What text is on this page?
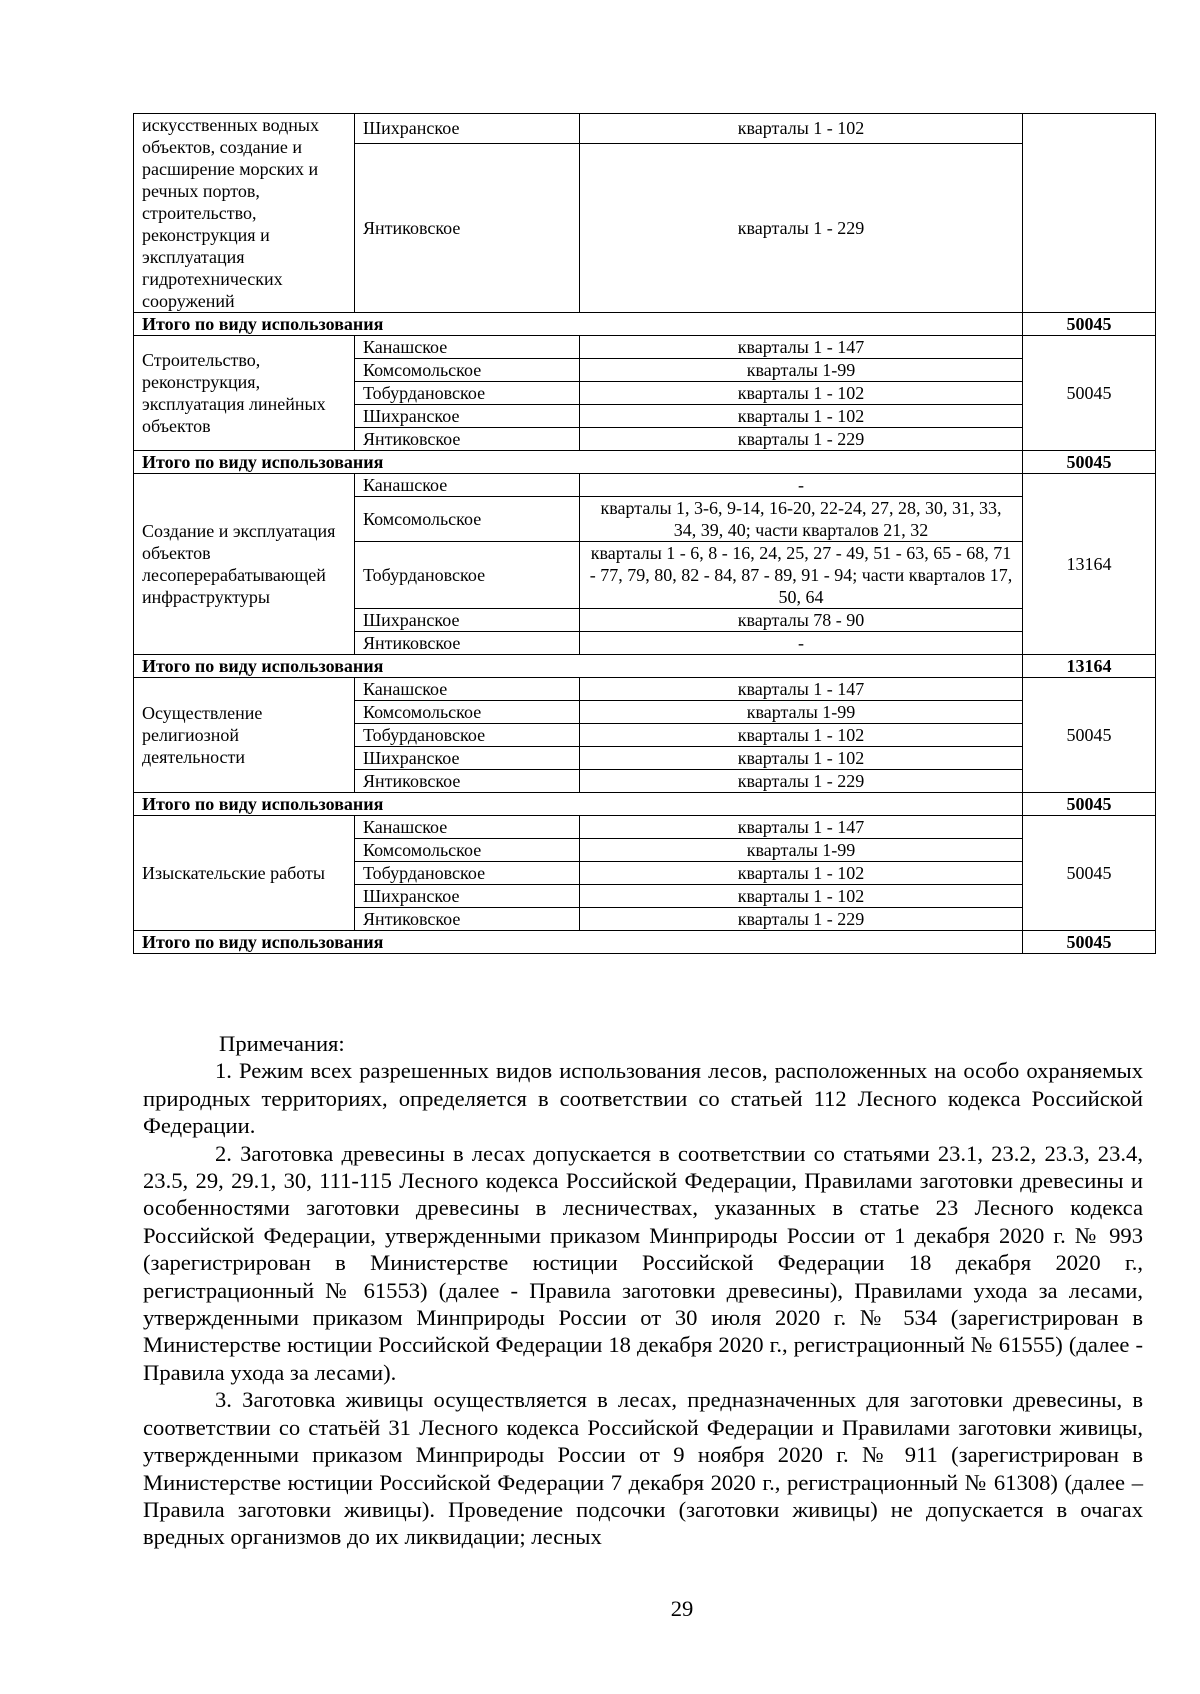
искусственных водных объектов, создание и расширение морских и речных портов, строительство, реконструкция и эксплуатация гидротехнических сооружений	Шихранское	кварталы 1 - 102	
	Янтиковское	кварталы 1 - 229	
Итого по виду использования			50045
Строительство, реконструкция, эксплуатация линейных объектов	Канашское	кварталы 1 - 147	50045
	Комсомольское	кварталы 1-99	
	Тобурдановское	кварталы 1 - 102	
	Шихранское	кварталы 1 - 102	
	Янтиковское	кварталы 1 - 229	
Итого по виду использования			50045
Создание и эксплуатация объектов лесоперерабатывающей инфраструктуры	Канашское	-	13164
	Комсомольское	кварталы 1, 3-6, 9-14, 16-20, 22-24, 27, 28, 30, 31, 33, 34, 39, 40; части кварталов 21, 32	
	Тобурдановское	кварталы 1 - 6, 8 - 16, 24, 25, 27 - 49, 51 - 63, 65 - 68, 71 - 77, 79, 80, 82 - 84, 87 - 89, 91 - 94; части кварталов 17, 50, 64	
	Шихранское	кварталы 78 - 90	
	Янтиковское	-	
Итого по виду использования			13164
Осуществление религиозной деятельности	Канашское	кварталы 1 - 147	50045
	Комсомольское	кварталы 1-99	
	Тобурдановское	кварталы 1 - 102	
	Шихранское	кварталы 1 - 102	
	Янтиковское	кварталы 1 - 229	
Итого по виду использования			50045
Изыскательские работы	Канашское	кварталы 1 - 147	50045
	Комсомольское	кварталы 1-99	
	Тобурдановское	кварталы 1 - 102	
	Шихранское	кварталы 1 - 102	
	Янтиковское	кварталы 1 - 229	
Итого по виду использования			50045

Примечания:

1. Режим всех разрешенных видов использования лесов, расположенных на особо охраняемых природных территориях, определяется в соответствии со статьей 112 Лесного кодекса Российской Федерации.

2. Заготовка древесины в лесах допускается в соответствии со статьями 23.1, 23.2, 23.3, 23.4, 23.5, 29, 29.1, 30, 111-115 Лесного кодекса Российской Федерации, Правилами заготовки древесины и особенностями заготовки древесины в лесничествах, указанных в статье 23 Лесного кодекса Российской Федерации, утвержденными приказом Минприроды России от 1 декабря 2020 г. № 993 (зарегистрирован в Министерстве юстиции Российской Федерации 18 декабря 2020 г., регистрационный № 61553) (далее - Правила заготовки древесины), Правилами ухода за лесами, утвержденными приказом Минприроды России от 30 июля 2020 г. № 534 (зарегистрирован в Министерстве юстиции Российской Федерации 18 декабря 2020 г., регистрационный № 61555) (далее - Правила ухода за лесами).

3. Заготовка живицы осуществляется в лесах, предназначенных для заготовки древесины, в соответствии со статьёй 31 Лесного кодекса Российской Федерации и Правилами заготовки живицы, утвержденными приказом Минприроды России от 9 ноября 2020 г. № 911 (зарегистрирован в Министерстве юстиции Российской Федерации 7 декабря 2020 г., регистрационный № 61308) (далее – Правила заготовки живицы). Проведение подсочки (заготовки живицы) не допускается в очагах вредных организмов до их ликвидации; лесных

29
